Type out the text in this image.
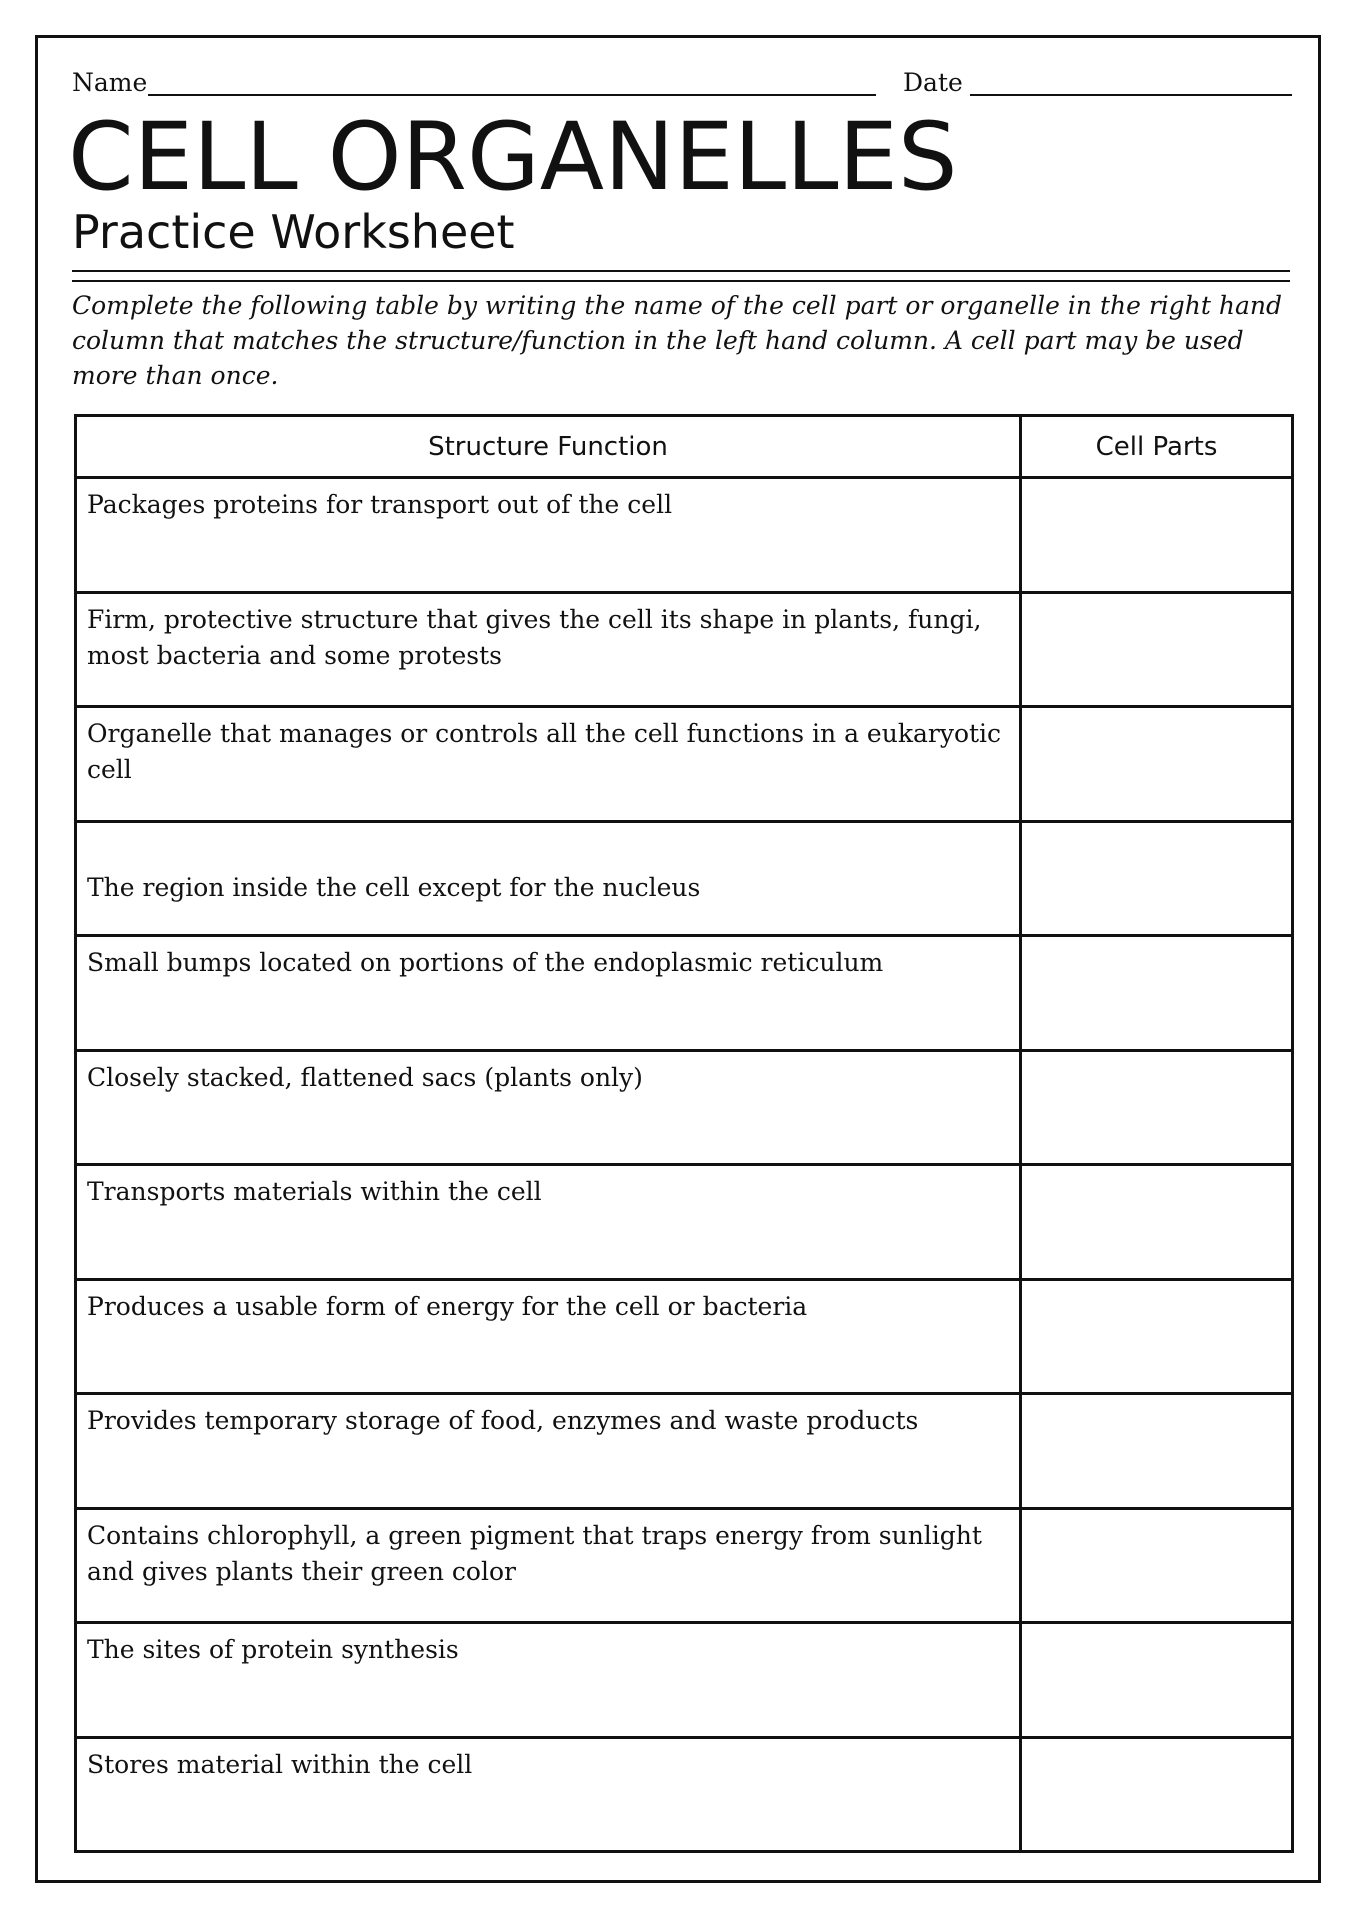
Name	Date
CELL ORGANELLES
Practice Worksheet
Complete the following table by writing the name of the cell part or organelle in the right hand column that matches the structure/function in the left hand column. A cell part may be used more than once.
Structure Function	Cell Parts
Packages proteins for transport out of the cell	
Firm, protective structure that gives the cell its shape in plants, fungi, most bacteria and some protests	
Organelle that manages or controls all the cell functions in a eukaryotic cell	
The region inside the cell except for the nucleus	
Small bumps located on portions of the endoplasmic reticulum	
Closely stacked, flattened sacs (plants only)	
Transports materials within the cell	
Produces a usable form of energy for the cell or bacteria	
Provides temporary storage of food, enzymes and waste products	
Contains chlorophyll, a green pigment that traps energy from sunlight and gives plants their green color	
The sites of protein synthesis	
Stores material within the cell	
